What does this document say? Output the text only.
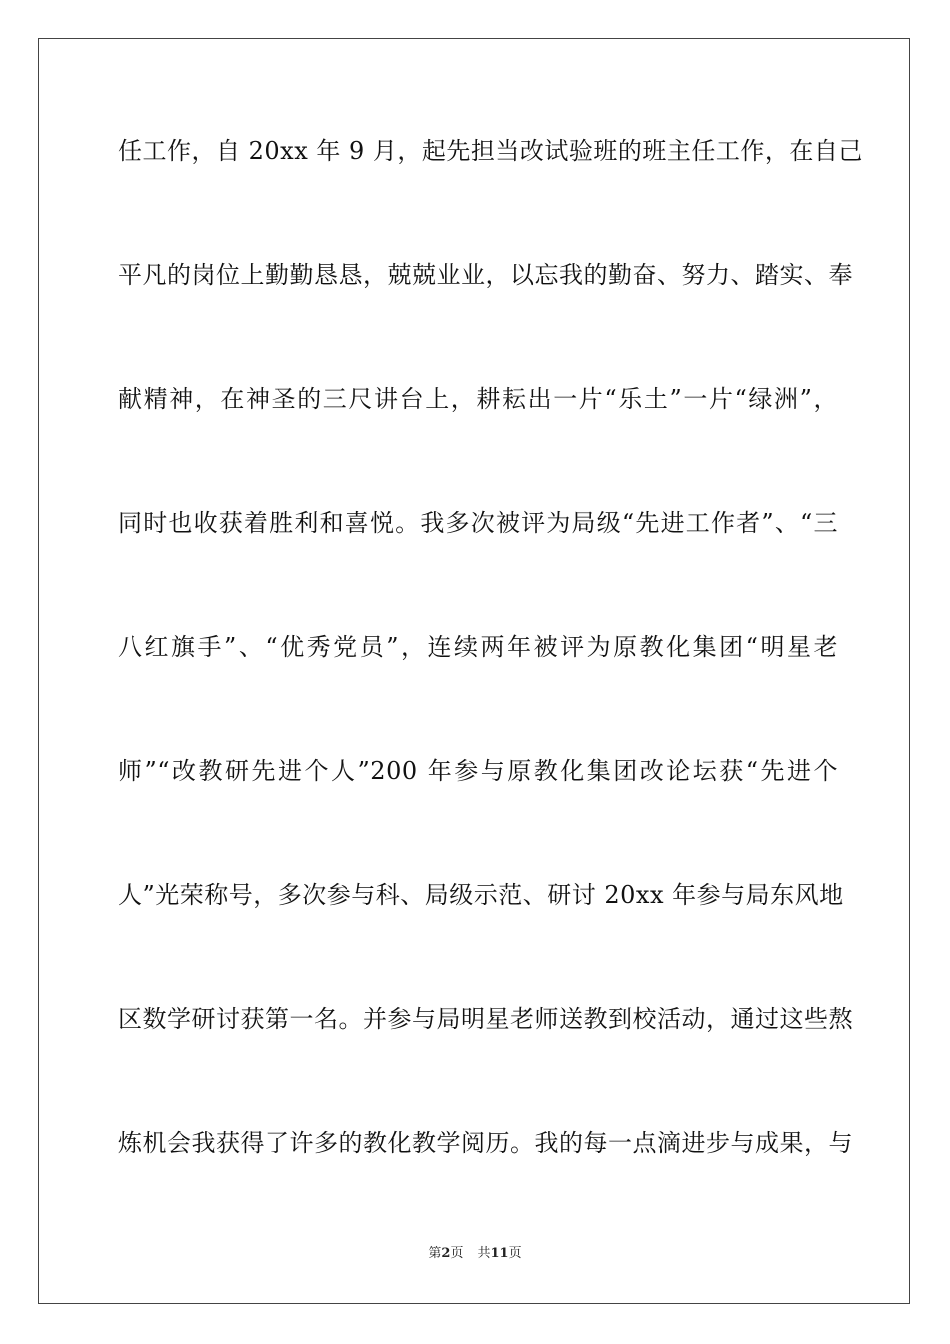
任工作，自 20xx 年 9 月，起先担当改试验班的班主任工作，在自己
平凡的岗位上勤勤恳恳，兢兢业业，以忘我的勤奋、努力、踏实、奉
献精神，在神圣的三尺讲台上，耕耘出一片“乐土”一片“绿洲”，
同时也收获着胜利和喜悦。我多次被评为局级“先进工作者”、“三
八红旗手”、“优秀党员”，连续两年被评为原教化集团“明星老
师”“改教研先进个人”200 年参与原教化集团改论坛获“先进个
人”光荣称号，多次参与科、局级示范、研讨 20xx 年参与局东风地
区数学研讨获第一名。并参与局明星老师送教到校活动，通过这些熬
炼机会我获得了许多的教化教学阅历。我的每一点滴进步与成果，与
第2页 共11页
